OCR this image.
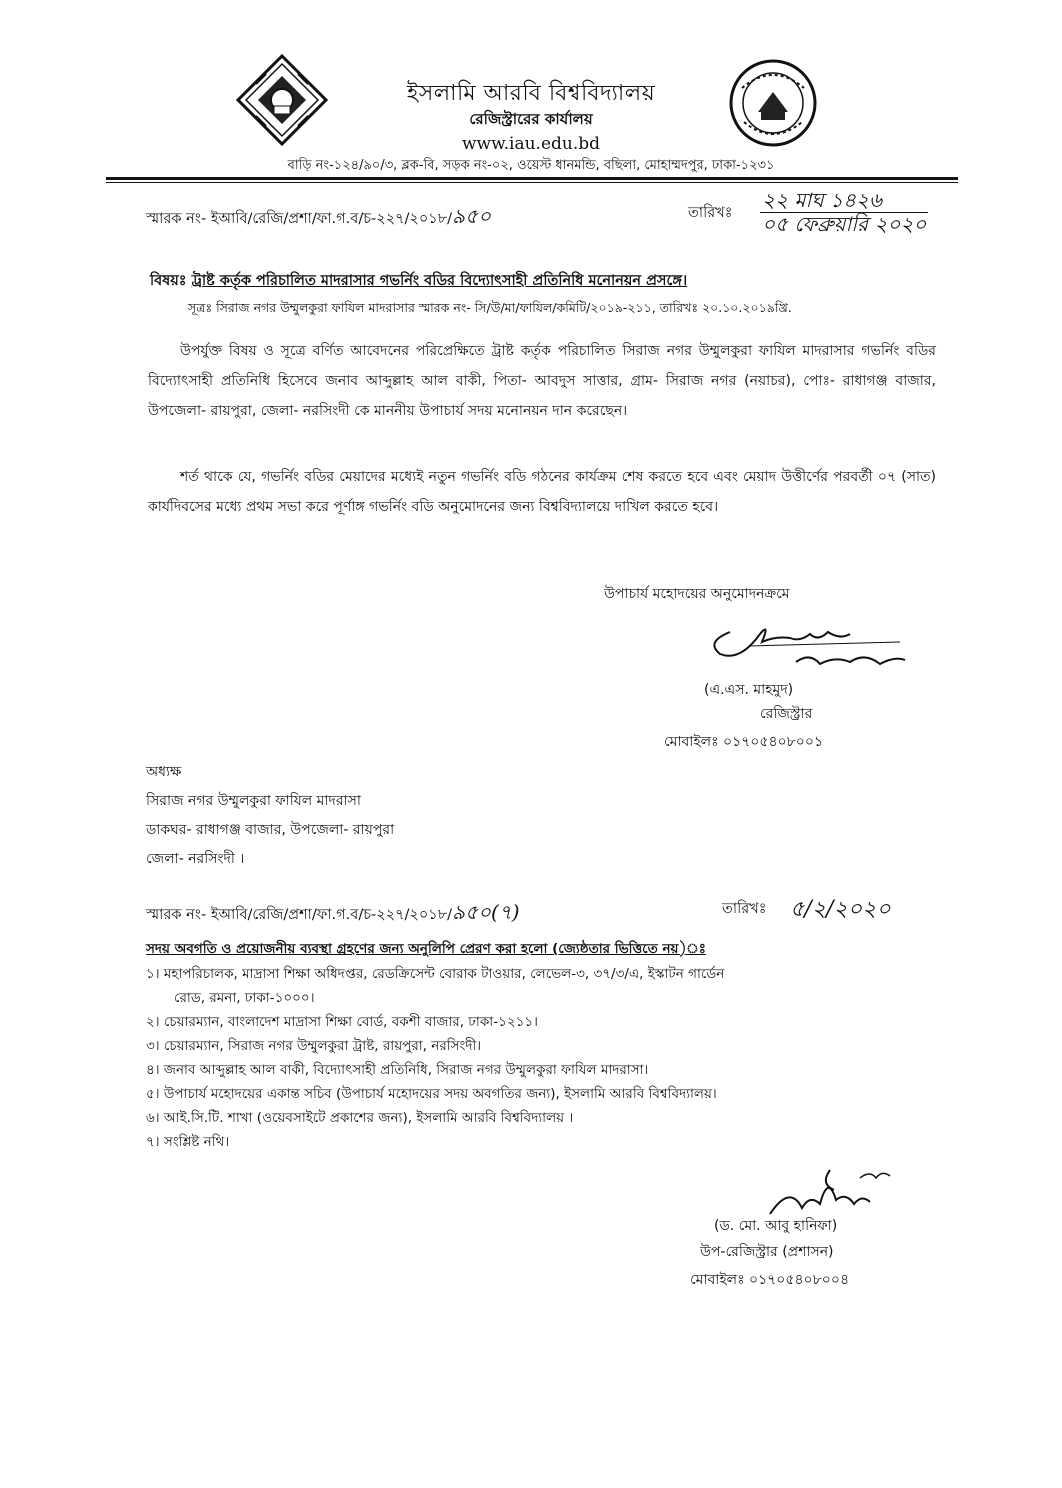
ইসলামি আরবি বিশ্ববিদ্যালয়
রেজিস্ট্রারের কার্যালয়
www.iau.edu.bd
বাড়ি নং-১২৪/৯০/৩, ব্লক-বি, সড়ক নং-০২, ওয়েস্ট ধানমন্ডি, বছিলা, মোহাম্মদপুর, ঢাকা-১২৩১
স্মারক নং- ইআবি/রেজি/প্রশা/ফা.গ.ব/চ-২২৭/২০১৮/৯৫০	তারিখঃ
২২ মাঘ ১৪২৬
০৫ ফেব্রুয়ারি ২০২০
বিষয়ঃ ট্রাষ্ট কর্তৃক পরিচালিত মাদরাসার গভর্নিং বডির বিদ্যোৎসাহী প্রতিনিধি মনোনয়ন প্রসঙ্গে।
সূত্রঃ সিরাজ নগর উম্মুলকুরা ফাযিল মাদরাসার স্মারক নং- সি/উ/মা/ফাযিল/কমিটি/২০১৯-২১১, তারিখঃ ২০.১০.২০১৯খ্রি.

উপর্যুক্ত বিষয় ও সূত্রে বর্ণিত আবেদনের পরিপ্রেক্ষিতে ট্রাষ্ট কর্তৃক পরিচালিত সিরাজ নগর উম্মুলকুরা ফাযিল মাদরাসার গভর্নিং বডির বিদ্যোৎসাহী প্রতিনিধি হিসেবে জনাব আব্দুল্লাহ আল বাকী, পিতা- আবদুস সাত্তার, গ্রাম- সিরাজ নগর (নয়াচর), পোঃ- রাধাগঞ্জ বাজার, উপজেলা- রায়পুরা, জেলা- নরসিংদী কে মাননীয় উপাচার্য সদয় মনোনয়ন দান করেছেন।

শর্ত থাকে যে, গভর্নিং বডির মেয়াদের মধ্যেই নতুন গভর্নিং বডি গঠনের কার্যক্রম শেষ করতে হবে এবং মেয়াদ উত্তীর্ণের পরবর্তী ০৭ (সাত) কার্যদিবসের মধ্যে প্রথম সভা করে পূর্ণাঙ্গ গভর্নিং বডি অনুমোদনের জন্য বিশ্ববিদ্যালয়ে দাখিল করতে হবে।

উপাচার্য মহোদয়ের অনুমোদনক্রমে
(এ.এস. মাহমুদ)
রেজিস্ট্রার
মোবাইলঃ ০১৭০৫৪০৮০০১
অধ্যক্ষ
সিরাজ নগর উম্মুলকুরা ফাযিল মাদরাসা
ডাকঘর- রাধাগঞ্জ বাজার, উপজেলা- রায়পুরা
জেলা- নরসিংদী ।
স্মারক নং- ইআবি/রেজি/প্রশা/ফা.গ.ব/চ-২২৭/২০১৮/৯৫০(৭)	তারিখঃ ৫/২/২০২০
সদয় অবগতি ও প্রয়োজনীয় ব্যবস্থা গ্রহণের জন্য অনুলিপি প্রেরণ করা হলো (জ্যেষ্ঠতার ভিত্তিতে নয়)ঃ
১। মহাপরিচালক, মাদ্রাসা শিক্ষা অধিদপ্তর, রেডক্রিসেন্ট বোরাক টাওয়ার, লেভেল-৩, ৩৭/৩/এ, ইস্কাটন গার্ডেন
রোড, রমনা, ঢাকা-১০০০।
২। চেয়ারম্যান, বাংলাদেশ মাদ্রাসা শিক্ষা বোর্ড, বকশী বাজার, ঢাকা-১২১১।
৩। চেয়ারম্যান, সিরাজ নগর উম্মুলকুরা ট্রাষ্ট, রায়পুরা, নরসিংদী।
৪। জনাব আব্দুল্লাহ আল বাকী, বিদ্যোৎসাহী প্রতিনিধি, সিরাজ নগর উম্মুলকুরা ফাযিল মাদরাসা।
৫। উপাচার্য মহোদয়ের একান্ত সচিব (উপাচার্য মহোদয়ের সদয় অবগতির জন্য), ইসলামি আরবি বিশ্ববিদ্যালয়।
৬। আই.সি.টি. শাখা (ওয়েবসাইটে প্রকাশের জন্য), ইসলামি আরবি বিশ্ববিদ্যালয় ।
৭। সংশ্লিষ্ট নথি।
(ড. মো. আবু হানিফা)
উপ-রেজিস্ট্রার (প্রশাসন)
মোবাইলঃ ০১৭০৫৪০৮০০৪
